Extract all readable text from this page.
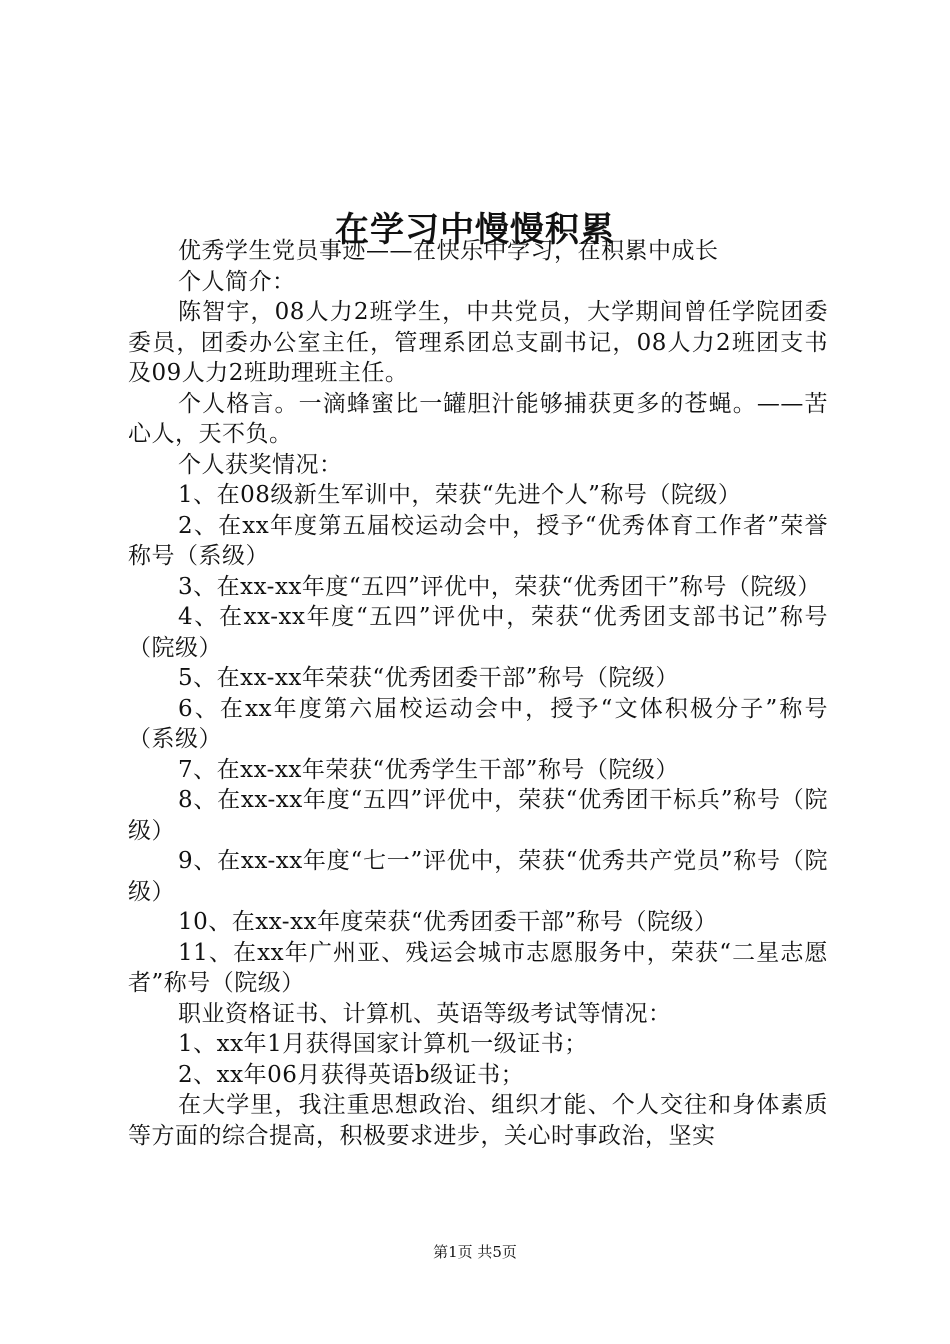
在学习中慢慢积累

优秀学生党员事迹——在快乐中学习，在积累中成长

个人简介：

陈智宇，08人力2班学生，中共党员，大学期间曾任学院团委委员，团委办公室主任，管理系团总支副书记，08人力2班团支书及09人力2班助理班主任。

个人格言。一滴蜂蜜比一罐胆汁能够捕获更多的苍蝇。——苦心人，天不负。

个人获奖情况：

1、在08级新生军训中，荣获“先进个人”称号（院级）

2、在xx年度第五届校运动会中，授予“优秀体育工作者”荣誉称号（系级）

3、在xx-xx年度“五四”评优中，荣获“优秀团干”称号（院级）

4、在xx-xx年度“五四”评优中，荣获“优秀团支部书记”称号（院级）

5、在xx-xx年荣获“优秀团委干部”称号（院级）

6、在xx年度第六届校运动会中，授予“文体积极分子”称号（系级）

7、在xx-xx年荣获“优秀学生干部”称号（院级）

8、在xx-xx年度“五四”评优中，荣获“优秀团干标兵”称号（院级）

9、在xx-xx年度“七一”评优中，荣获“优秀共产党员”称号（院级）

10、在xx-xx年度荣获“优秀团委干部”称号（院级）

11、在xx年广州亚、残运会城市志愿服务中，荣获“二星志愿者”称号（院级）

职业资格证书、计算机、英语等级考试等情况：

1、xx年1月获得国家计算机一级证书；

2、xx年06月获得英语b级证书；

在大学里，我注重思想政治、组织才能、个人交往和身体素质等方面的综合提高，积极要求进步，关心时事政治，坚实

第1页 共5页
